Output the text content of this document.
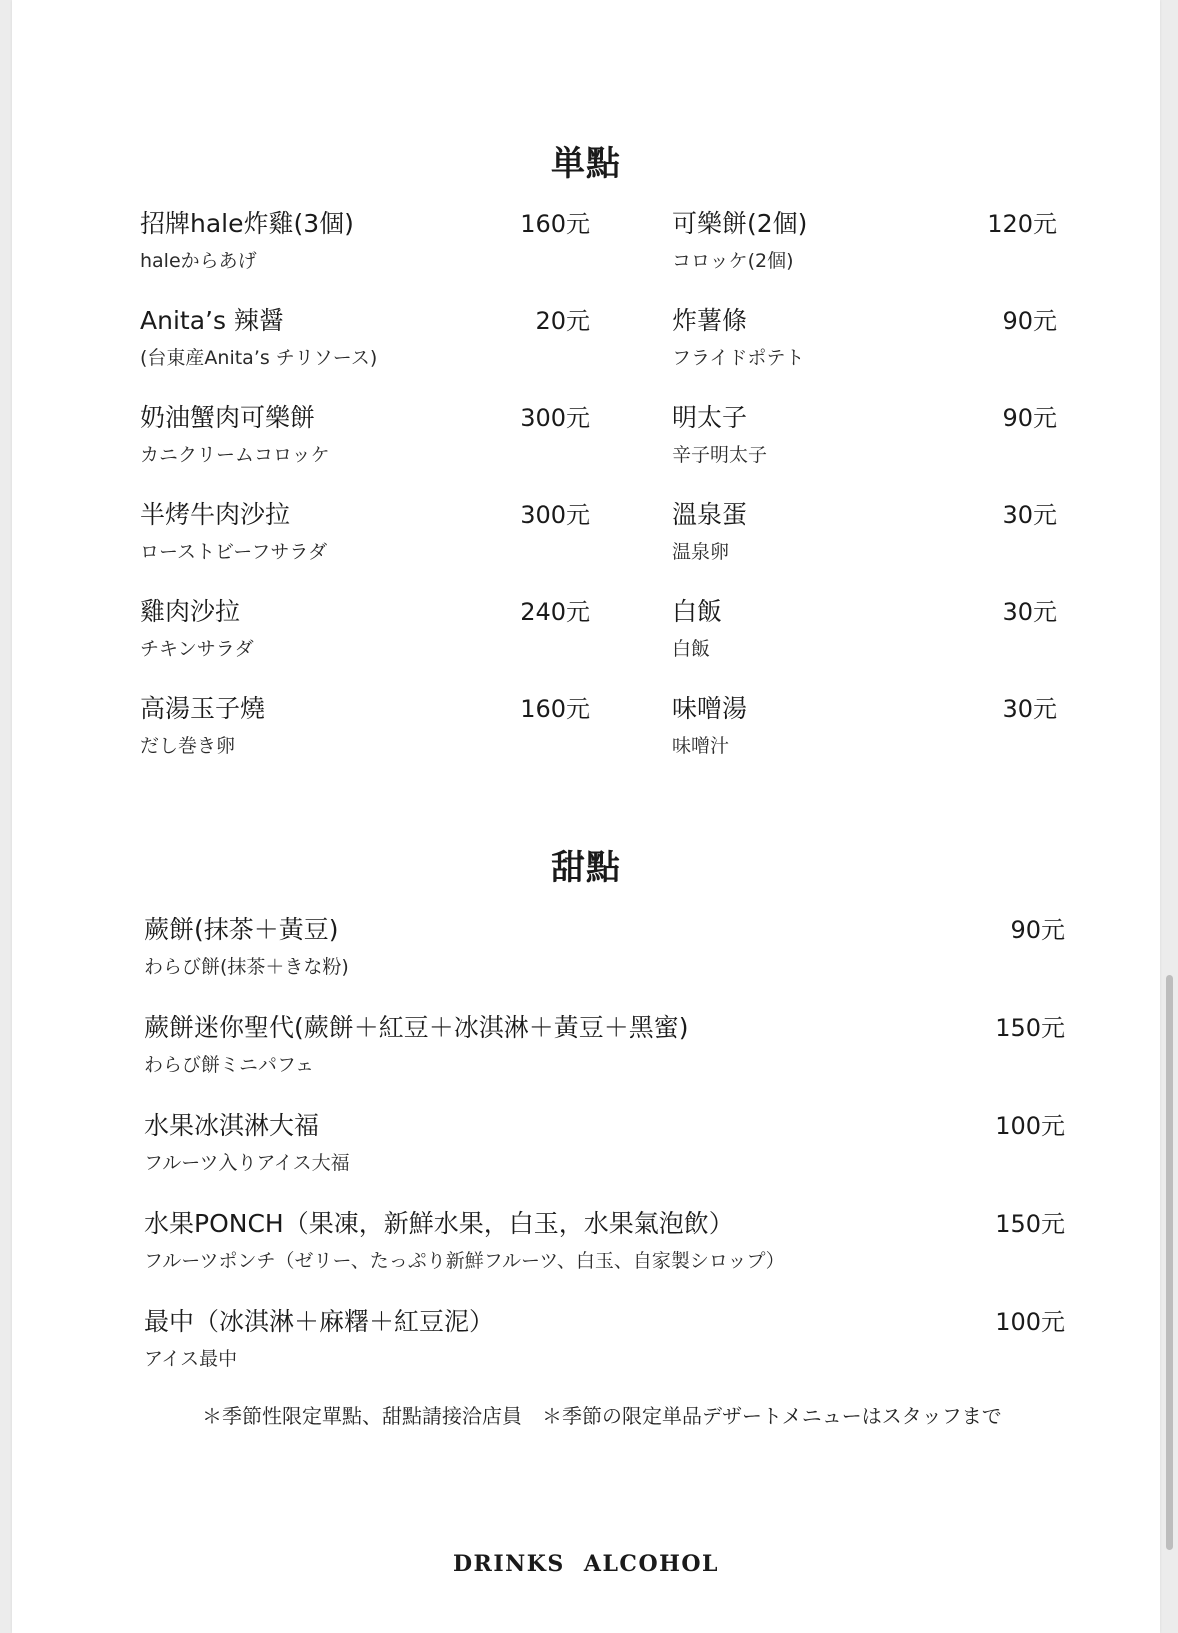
単點
招牌hale炸雞(3個)
haleからあげ
160元
Anita’s 辣醤
(台東産Anita’s チリソース)
20元
奶油蟹肉可樂餅
カニクリームコロッケ
300元
半烤牛肉沙拉
ローストビーフサラダ
300元
雞肉沙拉
チキンサラダ
240元
高湯玉子燒
だし巻き卵
160元
可樂餅(2個)
コロッケ(2個)
120元
炸薯條
フライドポテト
90元
明太子
辛子明太子
90元
溫泉蛋
温泉卵
30元
白飯
白飯
30元
味噌湯
味噌汁
30元
甜點
蕨餅(抹茶＋黃豆)
わらび餅(抹茶＋きな粉)
90元
蕨餅迷你聖代(蕨餅＋紅豆＋冰淇淋＋黃豆＋黑蜜)
わらび餅ミニパフェ
150元
水果冰淇淋大福
フルーツ入りアイス大福
100元
水果PONCH（果凍，新鮮水果，白玉，水果氣泡飲）
フルーツポンチ（ゼリー、たっぷり新鮮フルーツ、白玉、自家製シロップ）
150元
最中（冰淇淋＋麻糬＋紅豆泥）
アイス最中
100元
＊季節性限定單點、甜點請接洽店員　＊季節の限定単品デザートメニューはスタッフまで
DRINKS ALCOHOL
